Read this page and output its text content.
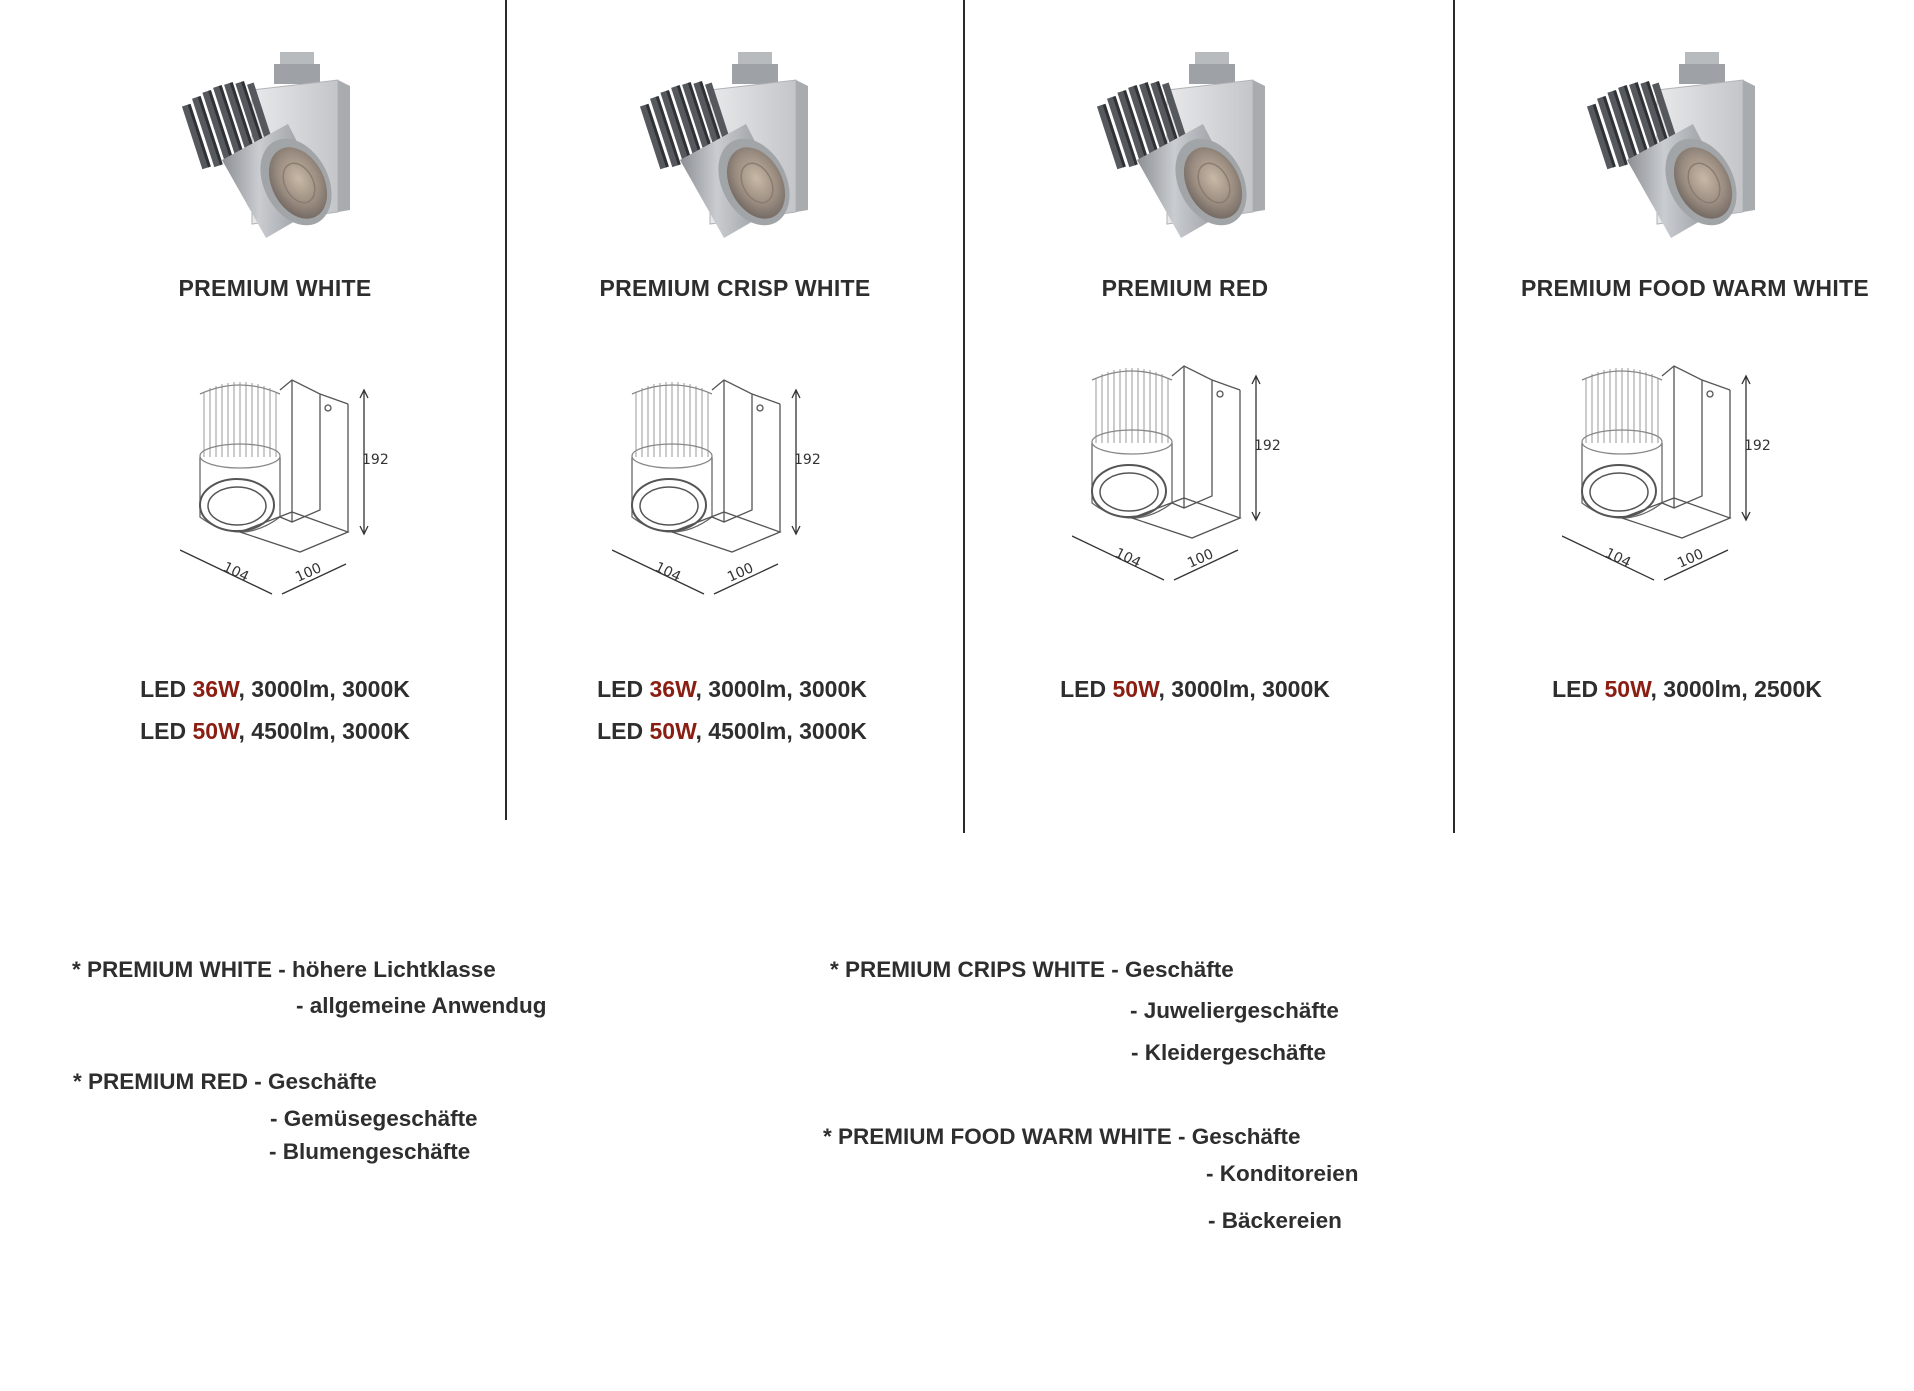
PREMIUM WHITE
192
104	100
LED 36W, 3000lm, 3000K
LED 50W, 4500lm, 3000K
PREMIUM CRISP WHITE
192
104	100
LED 36W, 3000lm, 3000K
LED 50W, 4500lm, 3000K
PREMIUM RED
192
104	100
LED 50W, 3000lm, 3000K
PREMIUM FOOD WARM WHITE
192
104	100
LED 50W, 3000lm, 2500K
* PREMIUM WHITE - höhere Lichtklasse
- allgemeine Anwendug
* PREMIUM RED - Geschäfte
- Gemüsegeschäfte
- Blumengeschäfte
* PREMIUM CRIPS WHITE - Geschäfte
- Juweliergeschäfte
- Kleidergeschäfte
* PREMIUM FOOD WARM WHITE - Geschäfte
- Konditoreien
- Bäckereien
